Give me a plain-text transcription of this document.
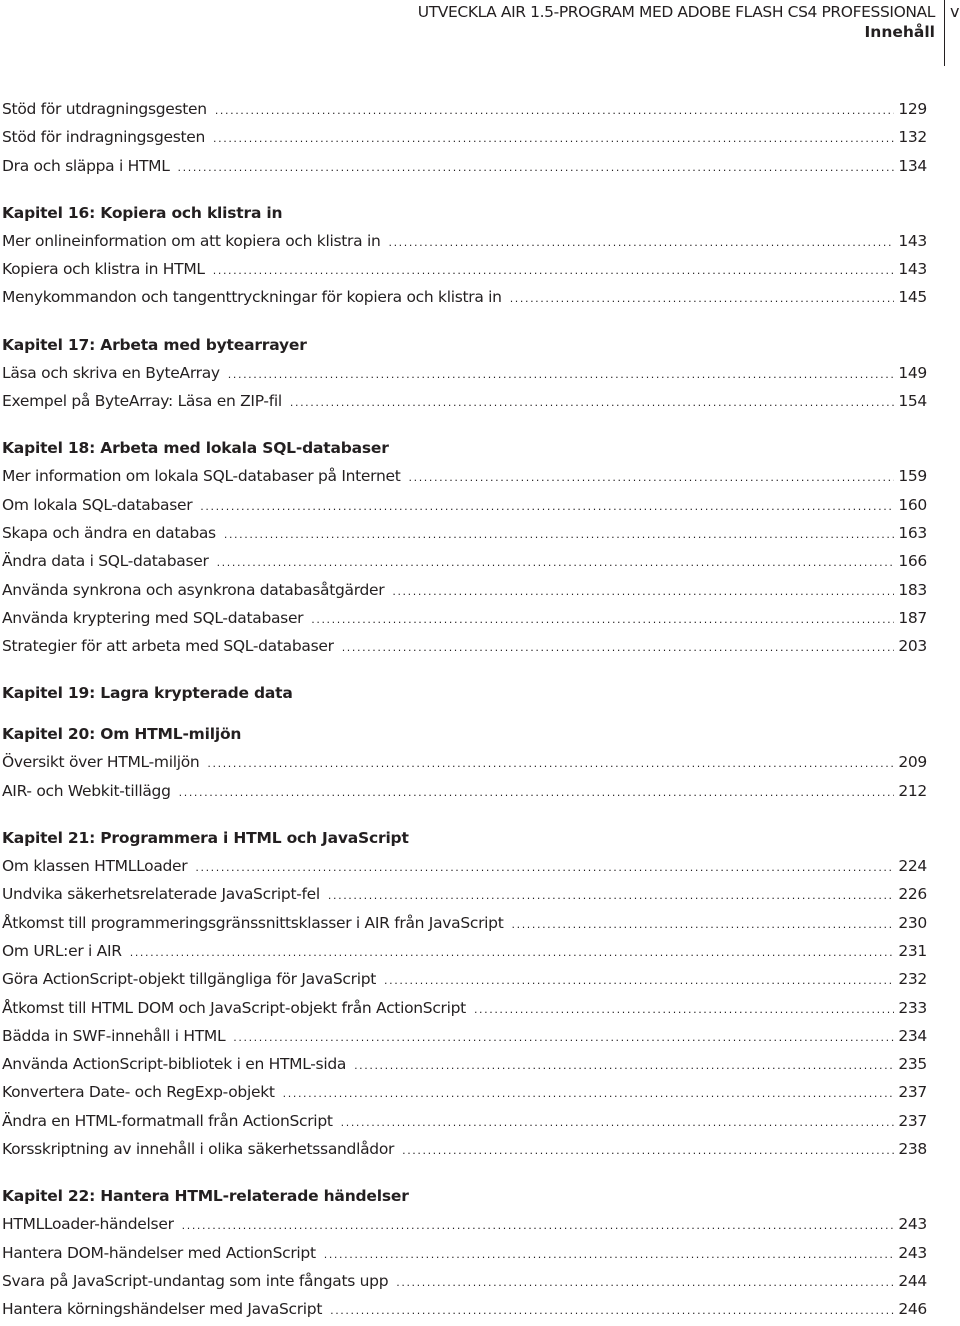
UTVECKLA AIR 1.5-PROGRAM MED ADOBE FLASH CS4 PROFESSIONAL
Innehåll
v
Stöd för utdragningsgesten .....	129
Stöd för indragningsgesten .....	132
Dra och släppa i HTML .....	134
Kapitel 16: Kopiera och klistra in
Mer onlineinformation om att kopiera och klistra in .....	143
Kopiera och klistra in HTML .....	143
Menykommandon och tangenttryckningar för kopiera och klistra in .....	145
Kapitel 17: Arbeta med bytearrayer
Läsa och skriva en ByteArray .....	149
Exempel på ByteArray: Läsa en ZIP-fil .....	154
Kapitel 18: Arbeta med lokala SQL-databaser
Mer information om lokala SQL-databaser på Internet .....	159
Om lokala SQL-databaser .....	160
Skapa och ändra en databas .....	163
Ändra data i SQL-databaser .....	166
Använda synkrona och asynkrona databasåtgärder .....	183
Använda kryptering med SQL-databaser .....	187
Strategier för att arbeta med SQL-databaser .....	203
Kapitel 19: Lagra krypterade data
Kapitel 20: Om HTML-miljön
Översikt över HTML-miljön .....	209
AIR- och Webkit-tillägg .....	212
Kapitel 21: Programmera i HTML och JavaScript
Om klassen HTMLLoader .....	224
Undvika säkerhetsrelaterade JavaScript-fel .....	226
Åtkomst till programmeringsgränssnittsklasser i AIR från JavaScript .....	230
Om URL:er i AIR .....	231
Göra ActionScript-objekt tillgängliga för JavaScript .....	232
Åtkomst till HTML DOM och JavaScript-objekt från ActionScript .....	233
Bädda in SWF-innehåll i HTML .....	234
Använda ActionScript-bibliotek i en HTML-sida .....	235
Konvertera Date- och RegExp-objekt .....	237
Ändra en HTML-formatmall från ActionScript .....	237
Korsskriptning av innehåll i olika säkerhetssandlådor .....	238
Kapitel 22: Hantera HTML-relaterade händelser
HTMLLoader-händelser .....	243
Hantera DOM-händelser med ActionScript .....	243
Svara på JavaScript-undantag som inte fångats upp .....	244
Hantera körningshändelser med JavaScript .....	246
